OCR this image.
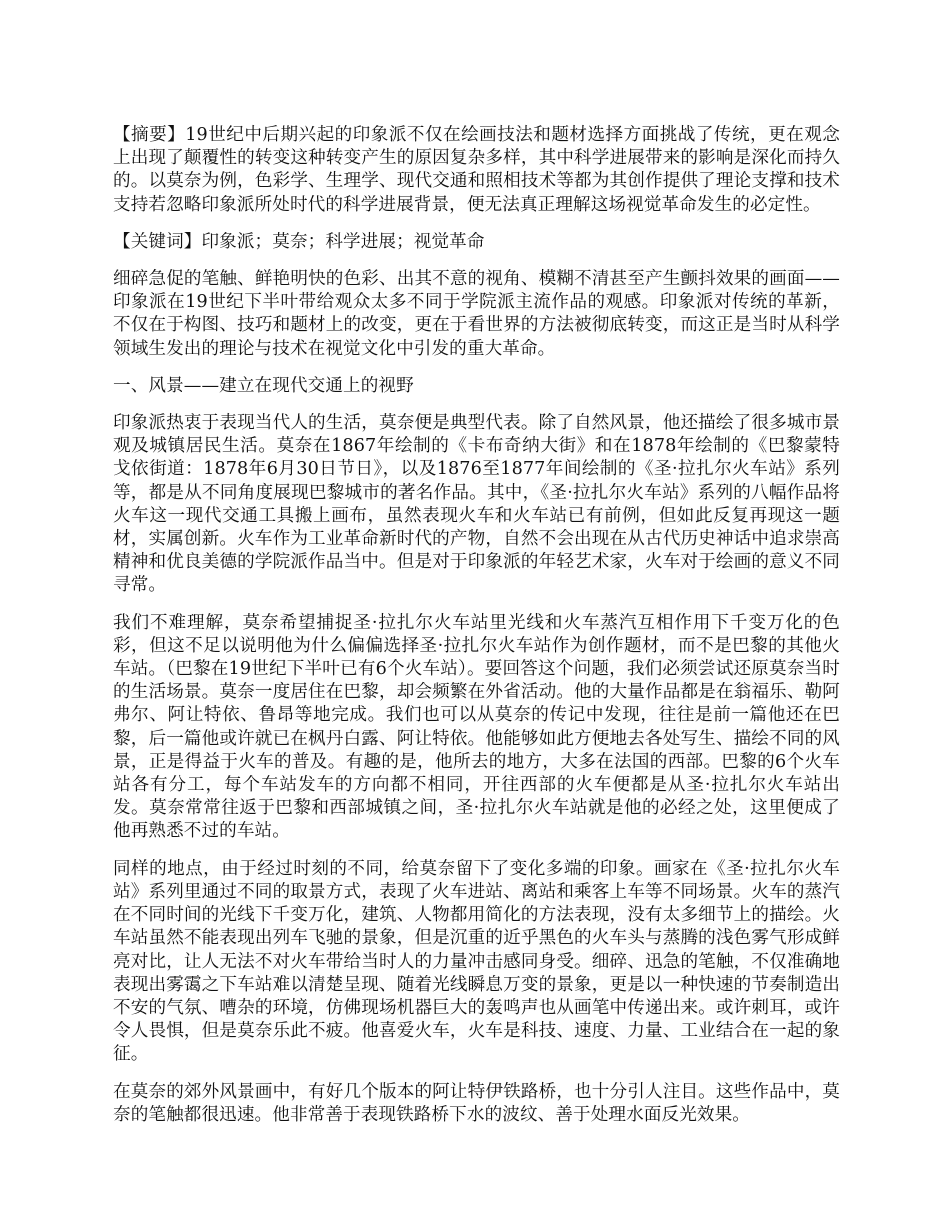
【摘要】19世纪中后期兴起的印象派不仅在绘画技法和题材选择方面挑战了传统，更在观念上出现了颠覆性的转变这种转变产生的原因复杂多样，其中科学进展带来的影响是深化而持久的。以莫奈为例，色彩学、生理学、现代交通和照相技术等都为其创作提供了理论支撑和技术支持若忽略印象派所处时代的科学进展背景，便无法真正理解这场视觉革命发生的必定性。

【关键词】印象派；莫奈；科学进展；视觉革命

细碎急促的笔触、鲜艳明快的色彩、出其不意的视角、模糊不清甚至产生颤抖效果的画面——印象派在19世纪下半叶带给观众太多不同于学院派主流作品的观感。印象派对传统的革新，不仅在于构图、技巧和题材上的改变，更在于看世界的方法被彻底转变，而这正是当时从科学领域生发出的理论与技术在视觉文化中引发的重大革命。

一、风景——建立在现代交通上的视野

印象派热衷于表现当代人的生活，莫奈便是典型代表。除了自然风景，他还描绘了很多城市景观及城镇居民生活。莫奈在1867年绘制的《卡布奇纳大街》和在1878年绘制的《巴黎蒙特戈依街道：1878年6月30日节日》，以及1876至1877年间绘制的《圣·拉扎尔火车站》系列等，都是从不同角度展现巴黎城市的著名作品。其中，《圣·拉扎尔火车站》系列的八幅作品将火车这一现代交通工具搬上画布，虽然表现火车和火车站已有前例，但如此反复再现这一题材，实属创新。火车作为工业革命新时代的产物，自然不会出现在从古代历史神话中追求崇高精神和优良美德的学院派作品当中。但是对于印象派的年轻艺术家，火车对于绘画的意义不同寻常。

我们不难理解，莫奈希望捕捉圣·拉扎尔火车站里光线和火车蒸汽互相作用下千变万化的色彩，但这不足以说明他为什么偏偏选择圣·拉扎尔火车站作为创作题材，而不是巴黎的其他火车站。（巴黎在19世纪下半叶已有6个火车站）。要回答这个问题，我们必须尝试还原莫奈当时的生活场景。莫奈一度居住在巴黎，却会频繁在外省活动。他的大量作品都是在翁福乐、勒阿弗尔、阿让特依、鲁昂等地完成。我们也可以从莫奈的传记中发现，往往是前一篇他还在巴黎，后一篇他或许就已在枫丹白露、阿让特依。他能够如此方便地去各处写生、描绘不同的风景，正是得益于火车的普及。有趣的是，他所去的地方，大多在法国的西部。巴黎的6个火车站各有分工，每个车站发车的方向都不相同，开往西部的火车便都是从圣·拉扎尔火车站出发。莫奈常常往返于巴黎和西部城镇之间，圣·拉扎尔火车站就是他的必经之处，这里便成了他再熟悉不过的车站。

同样的地点，由于经过时刻的不同，给莫奈留下了变化多端的印象。画家在《圣·拉扎尔火车站》系列里通过不同的取景方式，表现了火车进站、离站和乘客上车等不同场景。火车的蒸汽在不同时间的光线下千变万化，建筑、人物都用简化的方法表现，没有太多细节上的描绘。火车站虽然不能表现出列车飞驰的景象，但是沉重的近乎黑色的火车头与蒸腾的浅色雾气形成鲜亮对比，让人无法不对火车带给当时人的力量冲击感同身受。细碎、迅急的笔触，不仅准确地表现出雾霭之下车站难以清楚呈现、随着光线瞬息万变的景象，更是以一种快速的节奏制造出不安的气氛、嘈杂的环境，仿佛现场机器巨大的轰鸣声也从画笔中传递出来。或许刺耳，或许令人畏惧，但是莫奈乐此不疲。他喜爱火车，火车是科技、速度、力量、工业结合在一起的象征。

在莫奈的郊外风景画中，有好几个版本的阿让特伊铁路桥，也十分引人注目。这些作品中，莫奈的笔触都很迅速。他非常善于表现铁路桥下水的波纹、善于处理水面反光效果。
